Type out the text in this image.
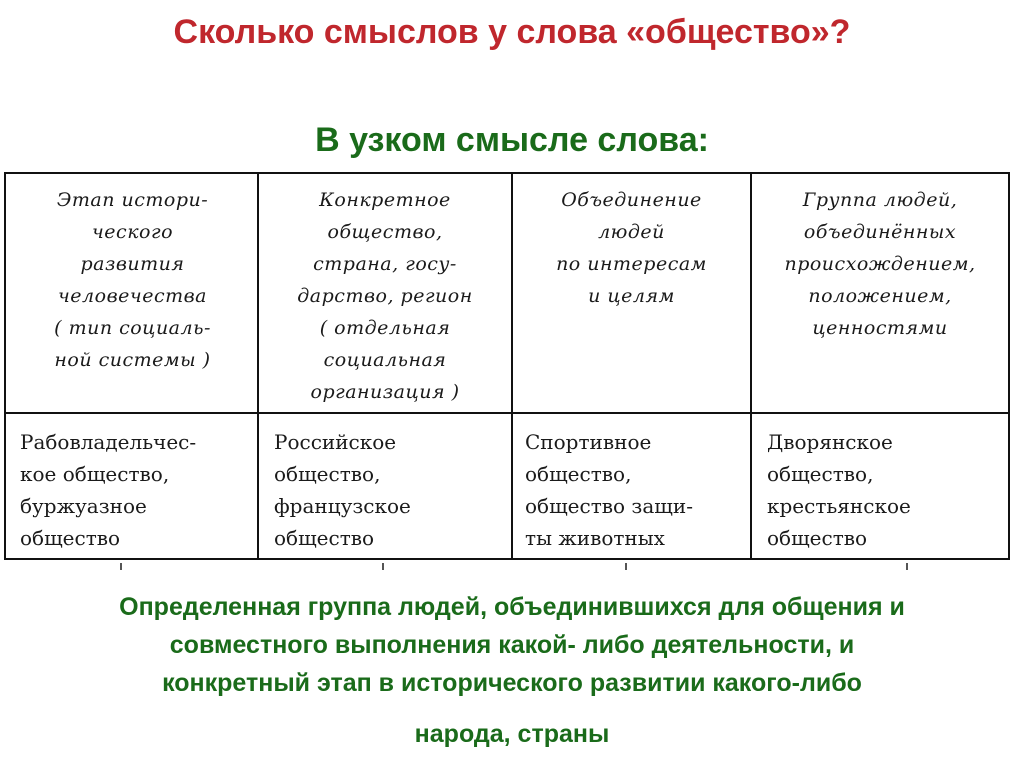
Сколько смыслов у слова «общество»?
В узком смысле слова:
Этап истори-
ческого
развития
человечества
( тип социаль-
ной системы )
Конкретное
общество,
страна, госу-
дарство, регион
( отдельная
социальная
организация )
Объединение
людей
по интересам
и целям
Группа людей,
объединённых
происхождением,
положением,
ценностями
Рабовладельчес-
кое общество,
буржуазное
общество
Российское
общество,
французское
общество
Спортивное
общество,
общество защи-
ты животных
Дворянское
общество,
крестьянское
общество
Определенная группа людей, объединившихся для общения и
совместного выполнения какой- либо деятельности, и
конкретный этап в исторического развитии какого-либо
народа, страны
